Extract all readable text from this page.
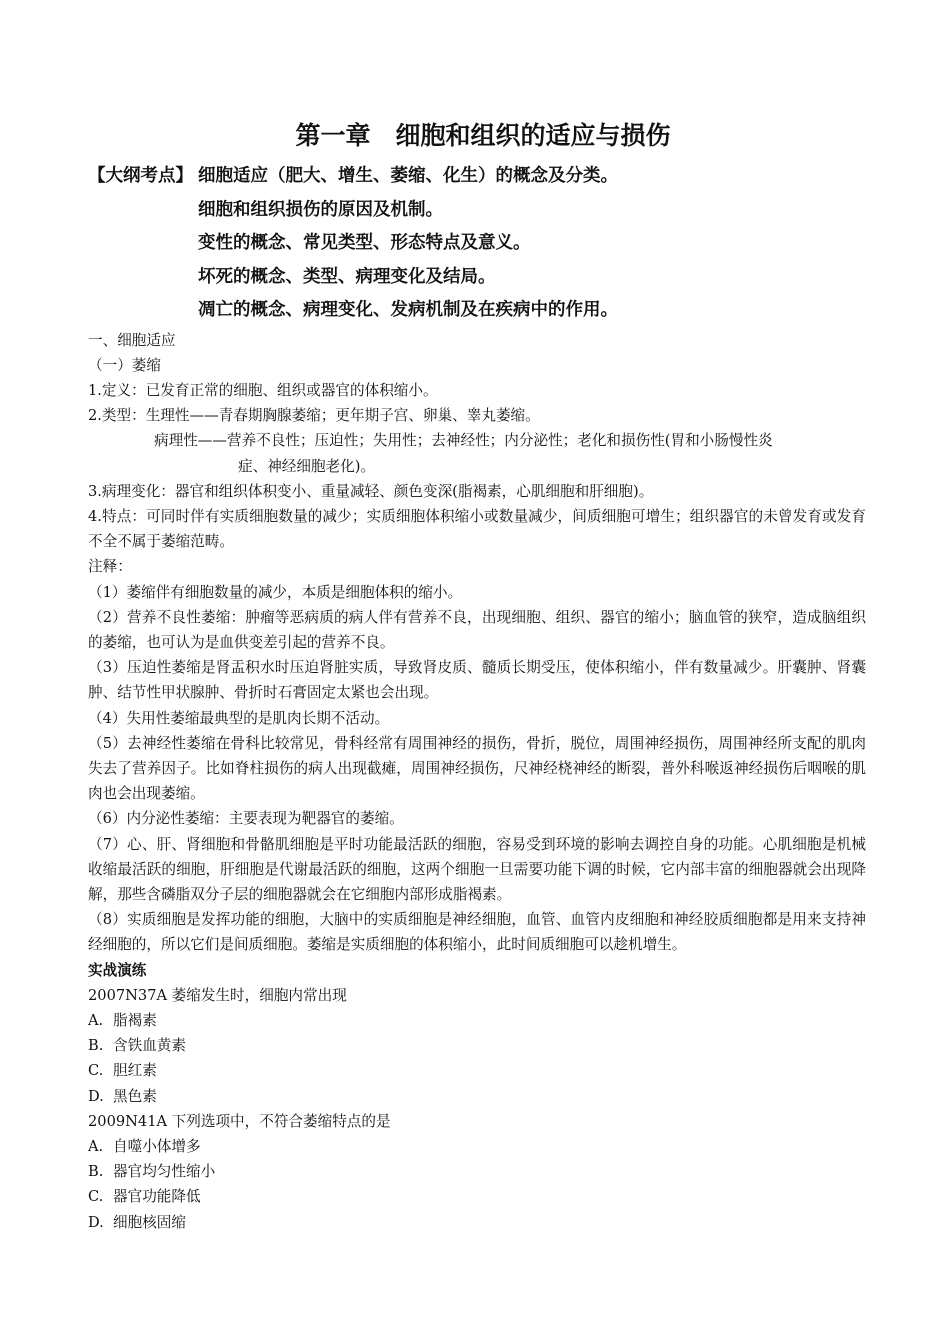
第一章　细胞和组织的适应与损伤
【大纲考点】 细胞适应（肥大、增生、萎缩、化生）的概念及分类。
细胞和组织损伤的原因及机制。
变性的概念、常见类型、形态特点及意义。
坏死的概念、类型、病理变化及结局。
凋亡的概念、病理变化、发病机制及在疾病中的作用。

一、细胞适应

（一）萎缩

1.定义：已发育正常的细胞、组织或器官的体积缩小。

2.类型：生理性——青春期胸腺萎缩；更年期子宫、卵巢、睾丸萎缩。

病理性——营养不良性；压迫性；失用性；去神经性；内分泌性；老化和损伤性(胃和小肠慢性炎

症、神经细胞老化)。

3.病理变化：器官和组织体积变小、重量减轻、颜色变深(脂褐素，心肌细胞和肝细胞)。

4.特点：可同时伴有实质细胞数量的减少；实质细胞体积缩小或数量减少，间质细胞可增生；组织器官的未曾发育或发育不全不属于萎缩范畴。

注释：

（1）萎缩伴有细胞数量的减少，本质是细胞体积的缩小。

（2）营养不良性萎缩：肿瘤等恶病质的病人伴有营养不良，出现细胞、组织、器官的缩小；脑血管的狭窄，造成脑组织的萎缩，也可认为是血供变差引起的营养不良。

（3）压迫性萎缩是肾盂积水时压迫肾脏实质，导致肾皮质、髓质长期受压，使体积缩小，伴有数量减少。肝囊肿、肾囊肿、结节性甲状腺肿、骨折时石膏固定太紧也会出现。

（4）失用性萎缩最典型的是肌肉长期不活动。

（5）去神经性萎缩在骨科比较常见，骨科经常有周围神经的损伤，骨折，脱位，周围神经损伤，周围神经所支配的肌肉失去了营养因子。比如脊柱损伤的病人出现截瘫，周围神经损伤，尺神经桡神经的断裂，普外科喉返神经损伤后咽喉的肌肉也会出现萎缩。

（6）内分泌性萎缩：主要表现为靶器官的萎缩。

（7）心、肝、肾细胞和骨骼肌细胞是平时功能最活跃的细胞，容易受到环境的影响去调控自身的功能。心肌细胞是机械收缩最活跃的细胞，肝细胞是代谢最活跃的细胞，这两个细胞一旦需要功能下调的时候，它内部丰富的细胞器就会出现降解，那些含磷脂双分子层的细胞器就会在它细胞内部形成脂褐素。

（8）实质细胞是发挥功能的细胞，大脑中的实质细胞是神经细胞，血管、血管内皮细胞和神经胶质细胞都是用来支持神经细胞的，所以它们是间质细胞。萎缩是实质细胞的体积缩小，此时间质细胞可以趁机增生。

实战演练

2007N37A 萎缩发生时，细胞内常出现

A. 脂褐素
B. 含铁血黄素
C. 胆红素
D. 黑色素

2009N41A 下列选项中，不符合萎缩特点的是

A. 自噬小体增多
B. 器官均匀性缩小
C. 器官功能降低
D. 细胞核固缩
